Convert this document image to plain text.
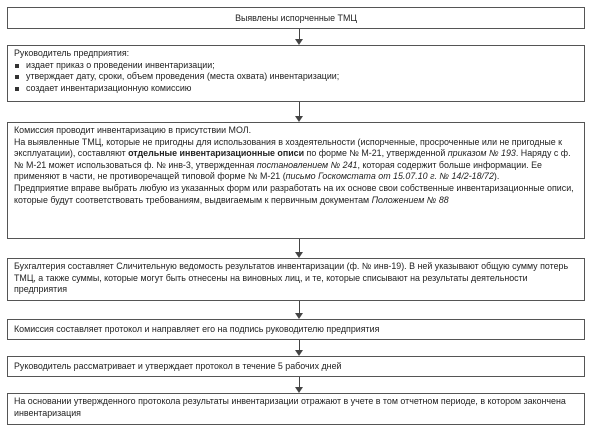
Выявлены испорченные ТМЦ
Руководитель предприятия:
издает приказ о проведении инвентаризации;
утверждает дату, сроки, объем проведения (места охвата) инвентаризации;
создает инвентаризационную комиссию
Комиссия проводит инвентаризацию в присутствии МОЛ.

На выявленные ТМЦ, которые не пригодны для использования в хоздеятельности (испорченные, просроченные или не пригодные к эксплуатации), составляют отдельные инвентаризационные описи по форме № М-21, утвержденной приказом № 193. Наряду с ф. № М-21 может использоваться ф. № инв-3, утвержденная постановлением № 241, которая содержит больше информации. Ее применяют в части, не противоречащей типовой форме № М-21 (письмо Госкомстата от 15.07.10 г. № 14/2-18/72).

Предприятие вправе выбрать любую из указанных форм или разработать на их основе свои собственные инвентаризационные описи, которые будут соответствовать требованиям, выдвигаемым к первичным документам Положением № 88

Бухгалтерия составляет Сличительную ведомость результатов инвентаризации (ф. № инв-19). В ней указывают общую сумму потерь ТМЦ, а также суммы, которые могут быть отнесены на виновных лиц, и те, которые списывают на результаты деятельности предприятия
Комиссия составляет протокол и направляет его на подпись руководителю предприятия
Руководитель рассматривает и утверждает протокол в течение 5 рабочих дней
На основании утвержденного протокола результаты инвентаризации отражают в учете в том отчетном периоде, в котором закончена инвентаризация
